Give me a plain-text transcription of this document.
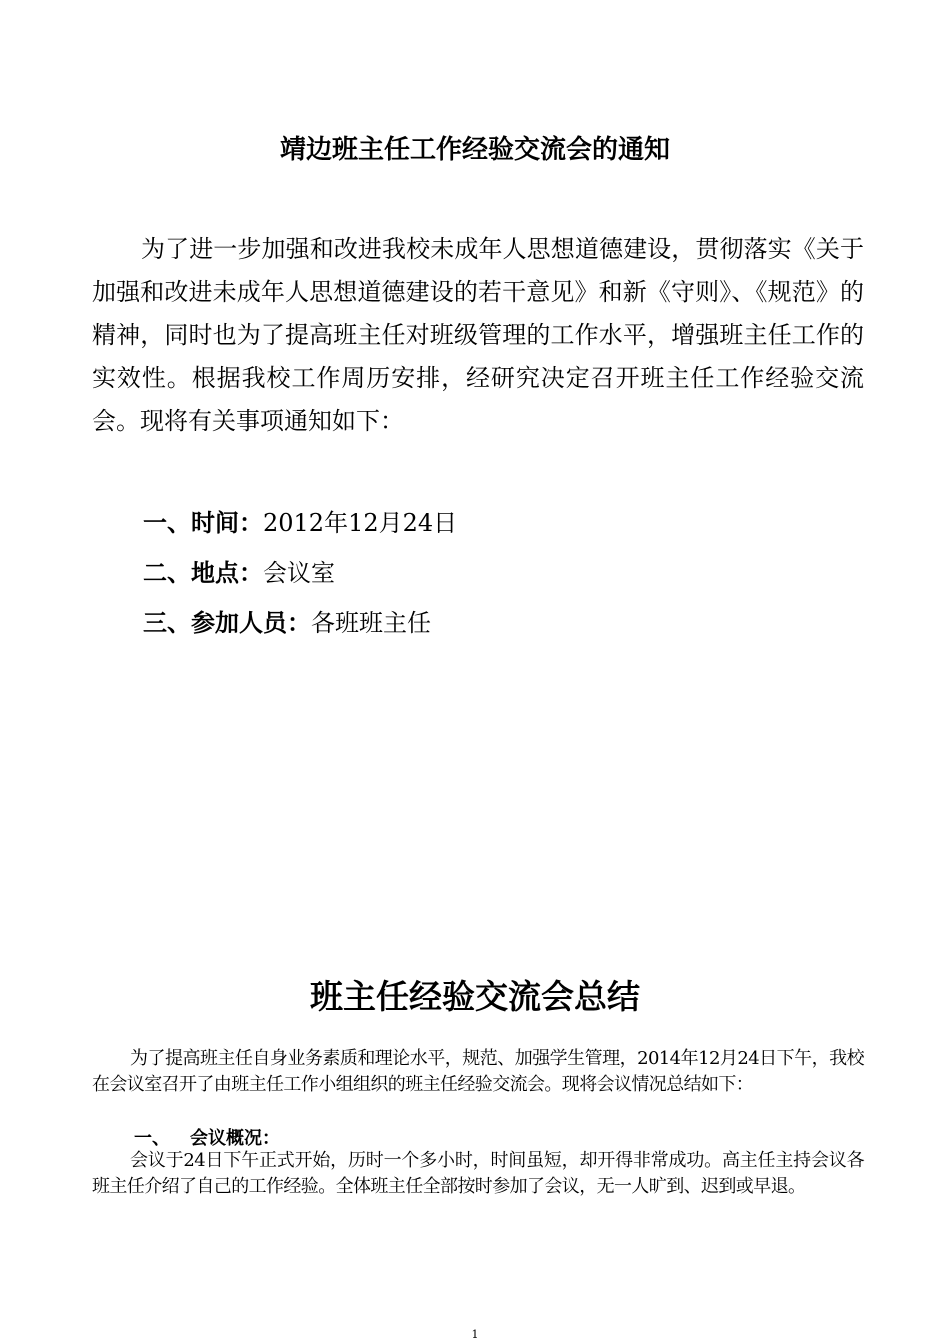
靖边班主任工作经验交流会的通知

为了进一步加强和改进我校未成年人思想道德建设，贯彻落实《关于加强和改进未成年人思想道德建设的若干意见》和新《守则》、《规范》的精神，同时也为了提高班主任对班级管理的工作水平，增强班主任工作的实效性。根据我校工作周历安排，经研究决定召开班主任工作经验交流会。现将有关事项通知如下：

一、时间：2012年12月24日
二、地点：会议室
三、参加人员：各班班主任
班主任经验交流会总结

为了提高班主任自身业务素质和理论水平，规范、加强学生管理，2014年12月24日下午，我校在会议室召开了由班主任工作小组组织的班主任经验交流会。现将会议情况总结如下：

一、 会议概况：

会议于24日下午正式开始，历时一个多小时，时间虽短，却开得非常成功。高主任主持会议各班主任介绍了自己的工作经验。全体班主任全部按时参加了会议，无一人旷到、迟到或早退。

1
